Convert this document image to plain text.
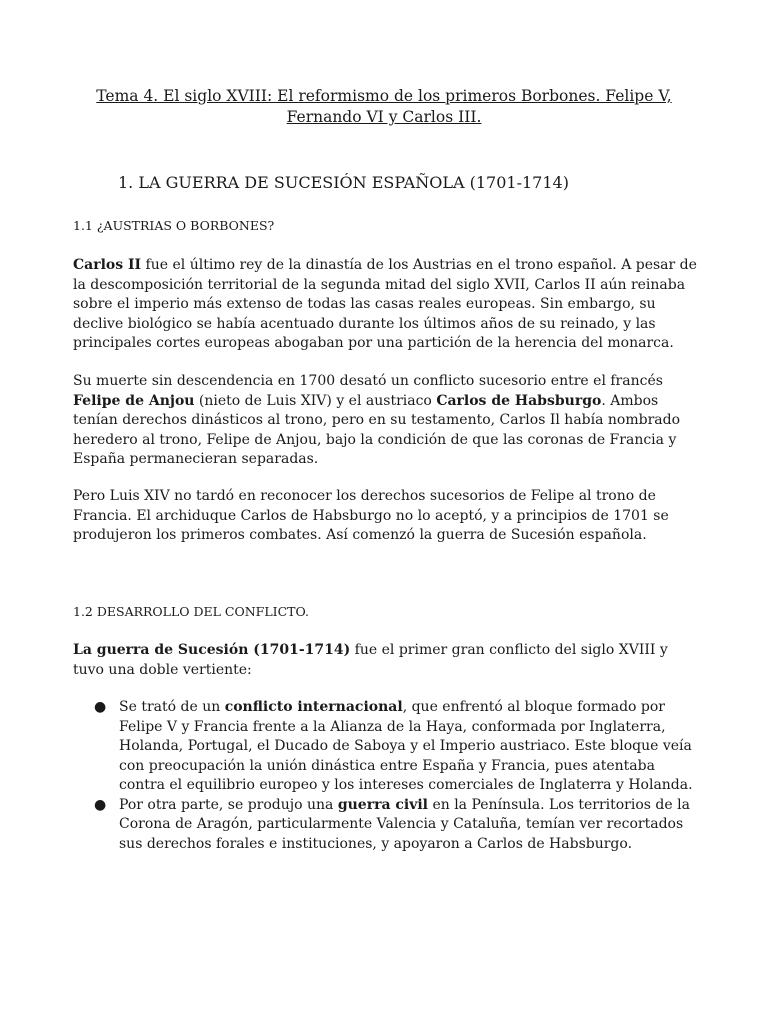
Tema 4. El siglo XVIII: El reformismo de los primeros Borbones. Felipe V,
Fernando VI y Carlos III.
1. LA GUERRA DE SUCESIÓN ESPAÑOLA (1701-1714)
1.1 ¿AUSTRIAS O BORBONES?
Carlos II fue el último rey de la dinastía de los Austrias en el trono español. A pesar de la descomposición territorial de la segunda mitad del siglo XVII, Carlos II aún reinaba sobre el imperio más extenso de todas las casas reales europeas. Sin embargo, su declive biológico se había acentuado durante los últimos años de su reinado, y las principales cortes europeas abogaban por una partición de la herencia del monarca.
Su muerte sin descendencia en 1700 desató un conflicto sucesorio entre el francés Felipe de Anjou (nieto de Luis XIV) y el austriaco Carlos de Habsburgo. Ambos tenían derechos dinásticos al trono, pero en su testamento, Carlos Il había nombrado heredero al trono, Felipe de Anjou, bajo la condición de que las coronas de Francia y España permanecieran separadas.
Pero Luis XIV no tardó en reconocer los derechos sucesorios de Felipe al trono de Francia. El archiduque Carlos de Habsburgo no lo aceptó, y a principios de 1701 se produjeron los primeros combates. Así comenzó la guerra de Sucesión española.
1.2 DESARROLLO DEL CONFLICTO.
La guerra de Sucesión (1701-1714) fue el primer gran conflicto del siglo XVIII y tuvo una doble vertiente:
● Se trató de un conflicto internacional, que enfrentó al bloque formado por Felipe V y Francia frente a la Alianza de la Haya, conformada por Inglaterra, Holanda, Portugal, el Ducado de Saboya y el Imperio austriaco. Este bloque veía con preocupación la unión dinástica entre España y Francia, pues atentaba contra el equilibrio europeo y los intereses comerciales de Inglaterra y Holanda.
● Por otra parte, se produjo una guerra civil en la Península. Los territorios de la Corona de Aragón, particularmente Valencia y Cataluña, temían ver recortados sus derechos forales e instituciones, y apoyaron a Carlos de Habsburgo.
